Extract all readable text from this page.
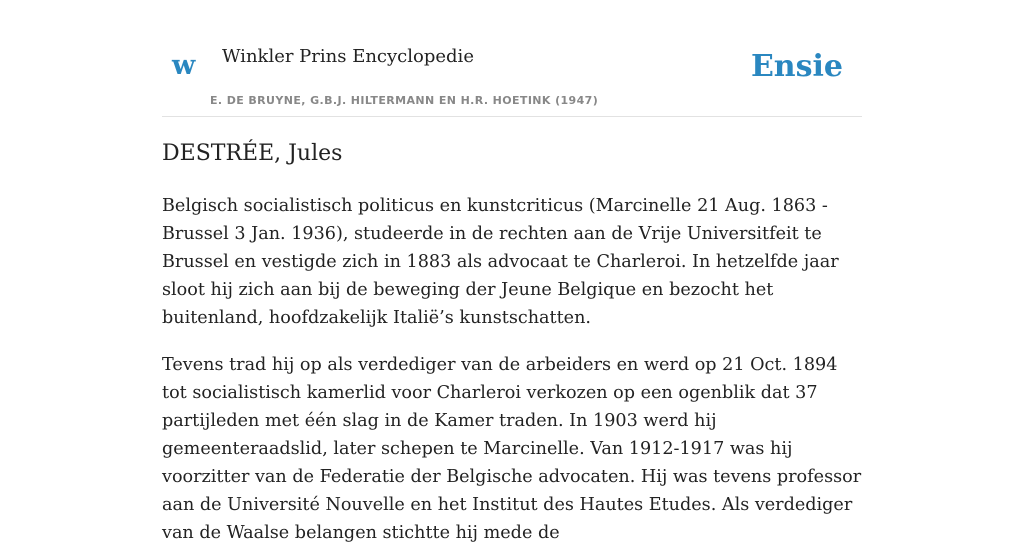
w Winkler Prins Encyclopedie
E. DE BRUYNE, G.B.J. HILTERMANN EN H.R. HOETINK (1947)
Ensie
DESTRÉE, Jules

Belgisch socialistisch politicus en kunstcriticus (Marcinelle 21 Aug. 1863 - Brussel 3 Jan. 1936), studeerde in de rechten aan de Vrije Universitfeit te Brussel en vestigde zich in 1883 als advocaat te Charleroi. In hetzelfde jaar sloot hij zich aan bij de beweging der Jeune Belgique en bezocht het buitenland, hoofdzakelijk Italië’s kunstschatten.

Tevens trad hij op als verdediger van de arbeiders en werd op 21 Oct. 1894 tot socialistisch kamerlid voor Charleroi verkozen op een ogenblik dat 37 partijleden met één slag in de Kamer traden. In 1903 werd hij gemeenteraadslid, later schepen te Marcinelle. Van 1912-1917 was hij voorzitter van de Federatie der Belgische advocaten. Hij was tevens professor aan de Université Nouvelle en het Institut des Hautes Etudes. Als verdediger van de Waalse belangen stichtte hij mede de
